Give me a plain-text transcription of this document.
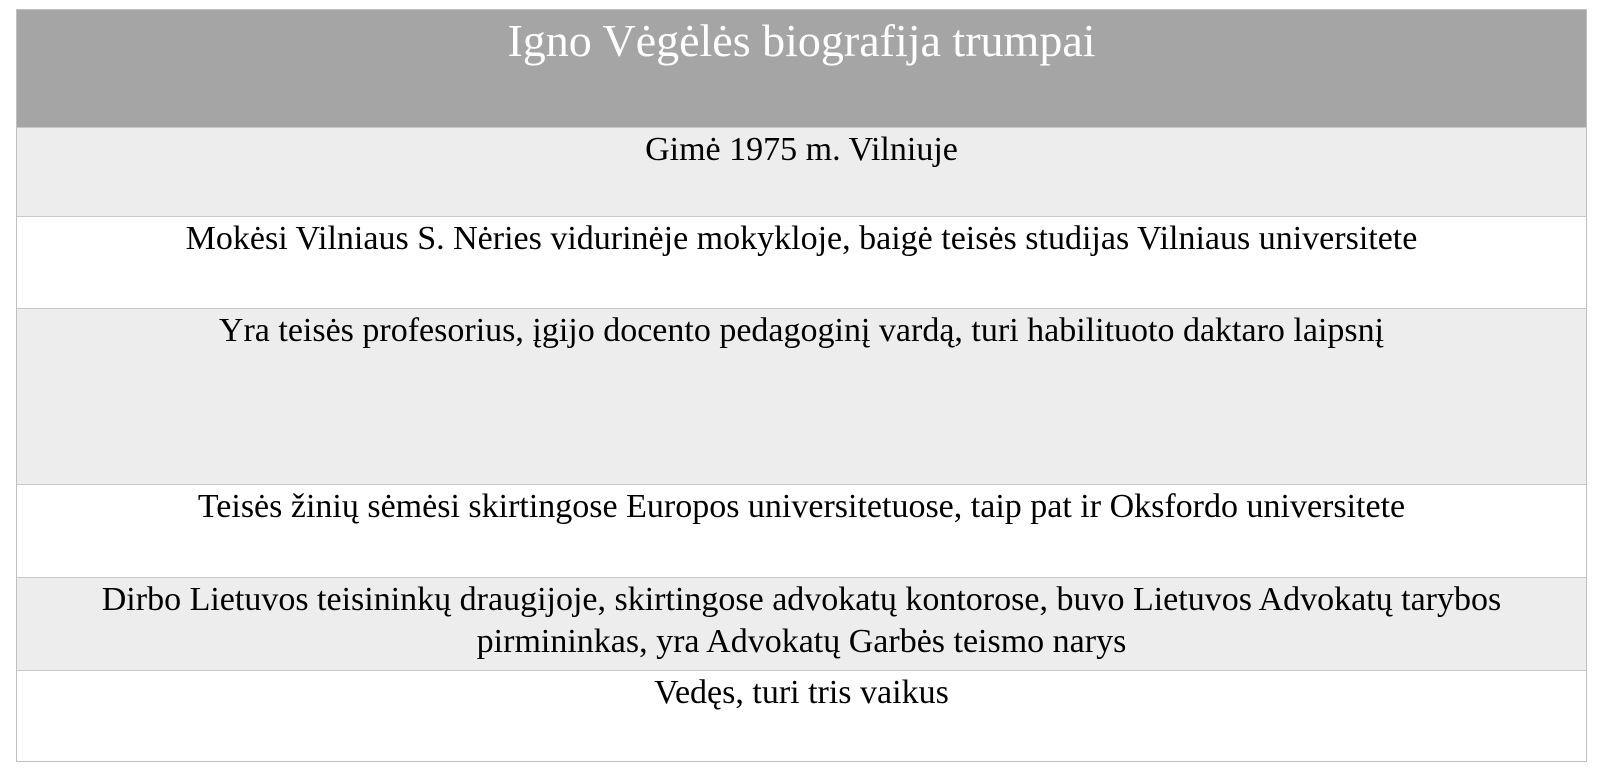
Igno Vėgėlės biografija trumpai
Gimė 1975 m. Vilniuje
Mokėsi Vilniaus S. Nėries vidurinėje mokykloje, baigė teisės studijas Vilniaus universitete
Yra teisės profesorius, įgijo docento pedagoginį vardą, turi habilituoto daktaro laipsnį
Teisės žinių sėmėsi skirtingose Europos universitetuose, taip pat ir Oksfordo universitete
Dirbo Lietuvos teisininkų draugijoje, skirtingose advokatų kontorose, buvo Lietuvos Advokatų tarybos pirmininkas, yra Advokatų Garbės teismo narys
Vedęs, turi tris vaikus
